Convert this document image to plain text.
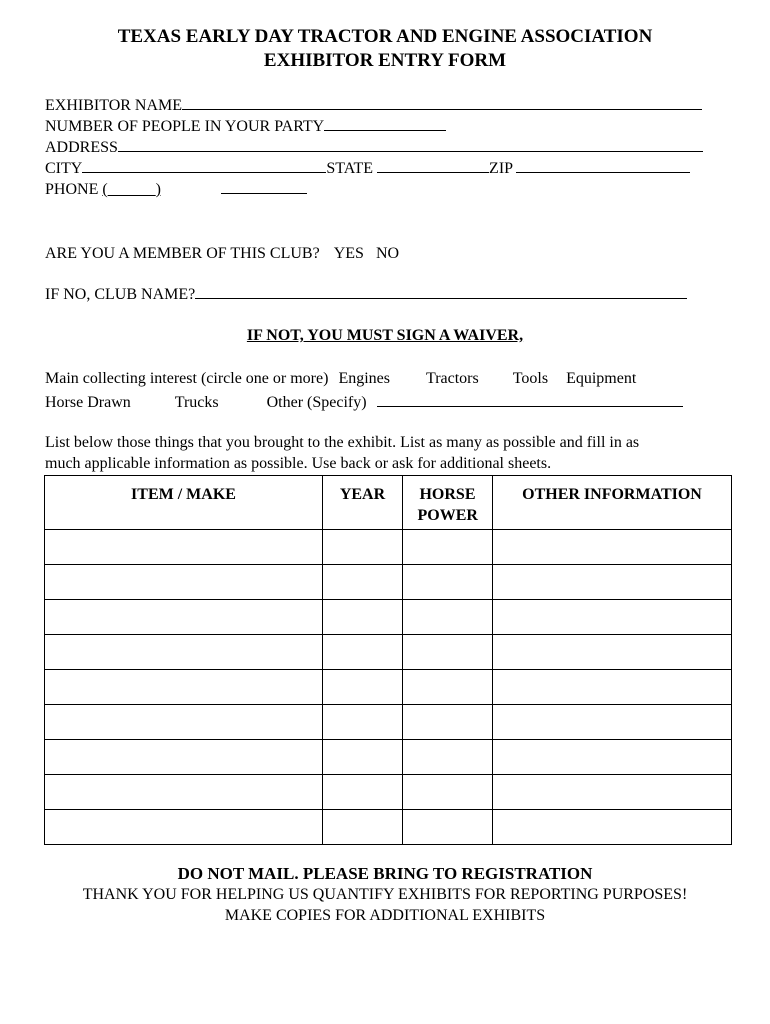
TEXAS EARLY DAY TRACTOR AND ENGINE ASSOCIATION
EXHIBITOR ENTRY FORM
EXHIBITOR NAME
NUMBER OF PEOPLE IN YOUR PARTY
ADDRESS
CITY	STATE	ZIP
PHONE (______)
ARE YOU A MEMBER OF THIS CLUB? YES NO
IF NO, CLUB NAME?
IF NOT, YOU MUST SIGN A WAIVER,
Main collecting interest (circle one or more) Engines Tractors Tools Equipment
Horse Drawn	Trucks	Other (Specify)
List below those things that you brought to the exhibit. List as many as possible and fill in as
much applicable information as possible. Use back or ask for additional sheets.
ITEM / MAKE	YEAR	HORSE POWER	OTHER INFORMATION

DO NOT MAIL. PLEASE BRING TO REGISTRATION
THANK YOU FOR HELPING US QUANTIFY EXHIBITS FOR REPORTING PURPOSES!
MAKE COPIES FOR ADDITIONAL EXHIBITS
